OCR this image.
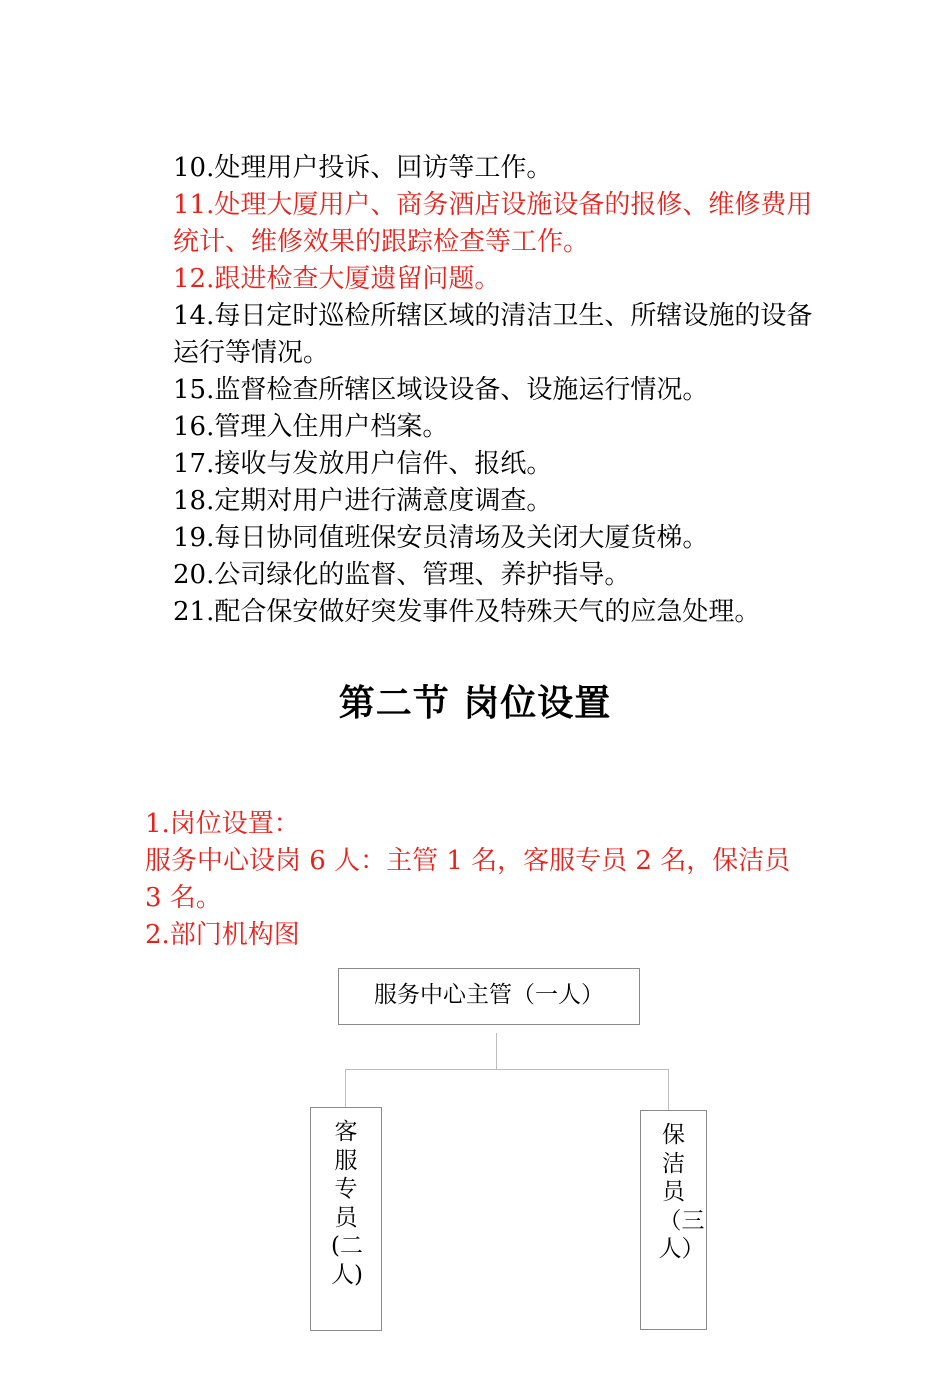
10.处理用户投诉、回访等工作。

11.处理大厦用户、商务酒店设施设备的报修、维修费用统计、维修效果的跟踪检查等工作。

12.跟进检查大厦遗留问题。

14.每日定时巡检所辖区域的清洁卫生、所辖设施的设备运行等情况。

15.监督检查所辖区域设设备、设施运行情况。

16.管理入住用户档案。

17.接收与发放用户信件、报纸。

18.定期对用户进行满意度调查。

19.每日协同值班保安员清场及关闭大厦货梯。

20.公司绿化的监督、管理、养护指导。

21.配合保安做好突发事件及特殊天气的应急处理。

第二节 岗位设置

1.岗位设置：

服务中心设岗 6 人：主管 1 名，客服专员 2 名，保洁员 3 名。

2.部门机构图

服务中心主管（一人）
客服专员(二人)
保洁员（三人）
